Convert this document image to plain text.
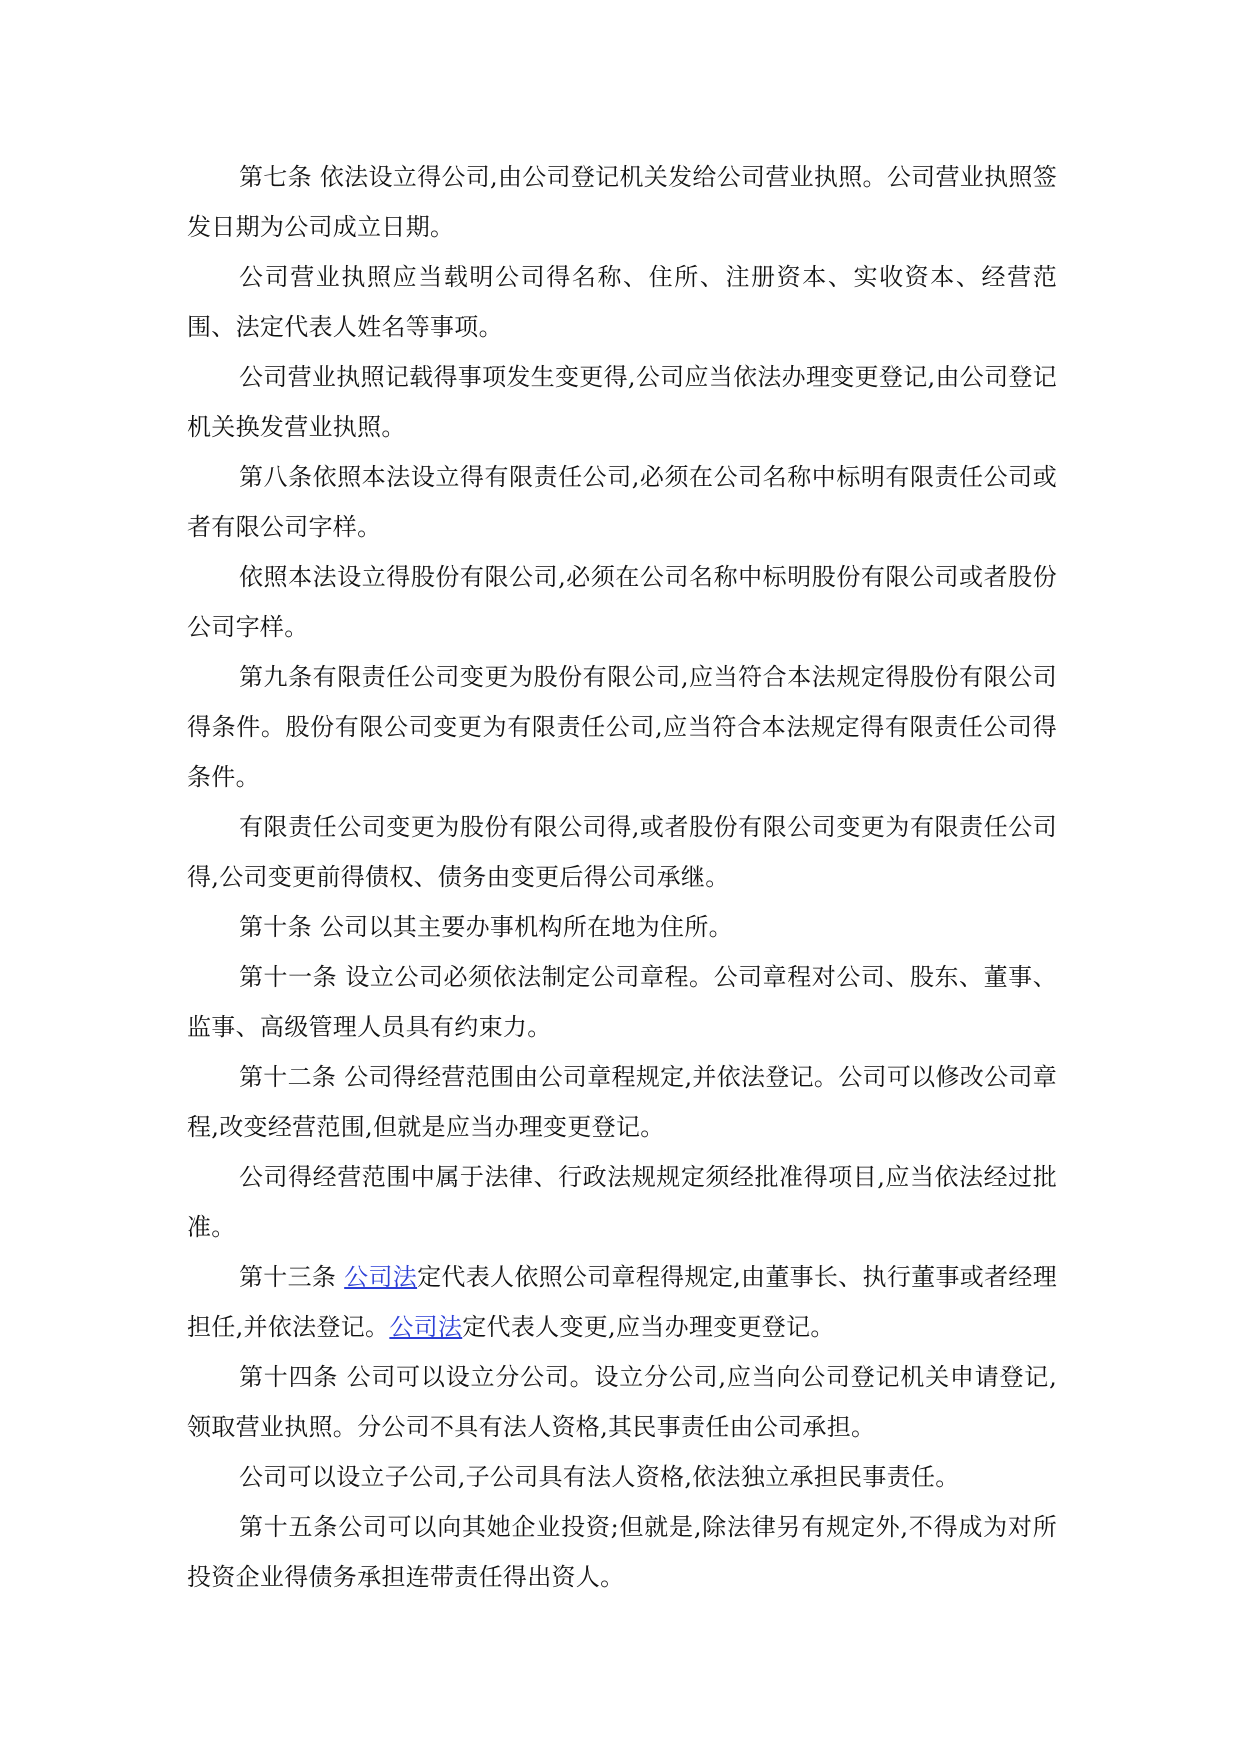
第七条 依法设立得公司,由公司登记机关发给公司营业执照。公司营业执照签发日期为公司成立日期。

公司营业执照应当载明公司得名称、住所、注册资本、实收资本、经营范围、法定代表人姓名等事项。

公司营业执照记载得事项发生变更得,公司应当依法办理变更登记,由公司登记机关换发营业执照。

第八条依照本法设立得有限责任公司,必须在公司名称中标明有限责任公司或者有限公司字样。

依照本法设立得股份有限公司,必须在公司名称中标明股份有限公司或者股份公司字样。

第九条有限责任公司变更为股份有限公司,应当符合本法规定得股份有限公司得条件。股份有限公司变更为有限责任公司,应当符合本法规定得有限责任公司得条件。

有限责任公司变更为股份有限公司得,或者股份有限公司变更为有限责任公司得,公司变更前得债权、债务由变更后得公司承继。

第十条 公司以其主要办事机构所在地为住所。

第十一条 设立公司必须依法制定公司章程。公司章程对公司、股东、董事、监事、高级管理人员具有约束力。

第十二条 公司得经营范围由公司章程规定,并依法登记。公司可以修改公司章程,改变经营范围,但就是应当办理变更登记。

公司得经营范围中属于法律、行政法规规定须经批准得项目,应当依法经过批准。

第十三条 公司法定代表人依照公司章程得规定,由董事长、执行董事或者经理担任,并依法登记。公司法定代表人变更,应当办理变更登记。

第十四条 公司可以设立分公司。设立分公司,应当向公司登记机关申请登记,领取营业执照。分公司不具有法人资格,其民事责任由公司承担。

公司可以设立子公司,子公司具有法人资格,依法独立承担民事责任。

第十五条公司可以向其她企业投资;但就是,除法律另有规定外,不得成为对所投资企业得债务承担连带责任得出资人。
